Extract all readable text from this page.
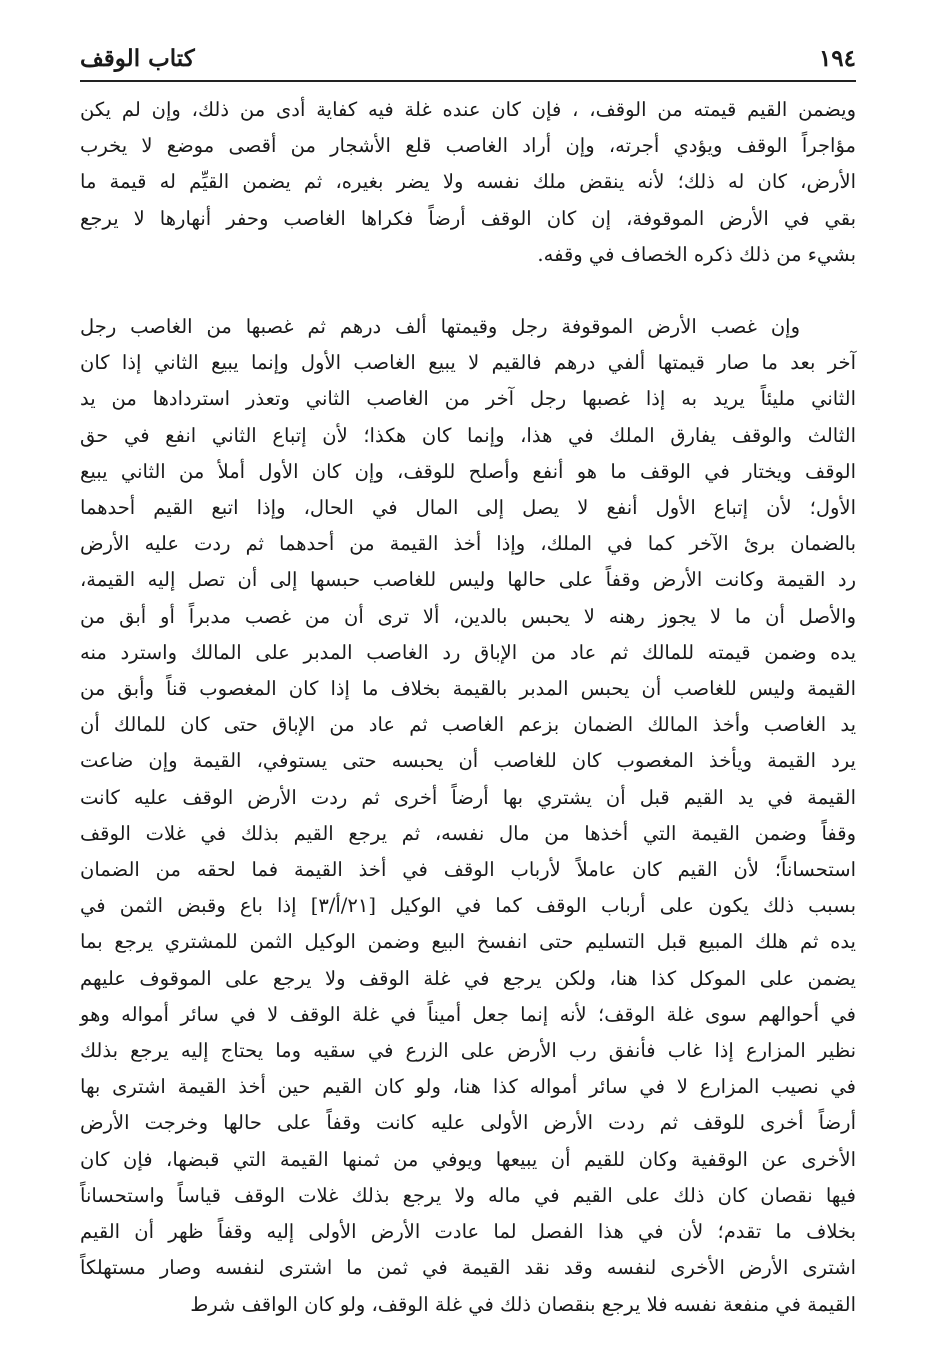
١٩٤
كتاب الوقف
ويضمن القيم قيمته من الوقف، ، فإن كان عنده غلة فيه كفاية أدى من ذلك، وإن لم يكن
مؤاجراً الوقف ويؤدي أجرته، وإن أراد الغاصب قلع الأشجار من أقصى موضع لا يخرب
الأرض، كان له ذلك؛ لأنه ينقض ملك نفسه ولا يضر بغيره، ثم يضمن القيِّم له قيمة ما
بقي في الأرض الموقوفة، إن كان الوقف أرضاً فكراها الغاصب وحفر أنهارها لا يرجع
بشيء من ذلك ذكره الخصاف في وقفه.
وإن غصب الأرض الموقوفة رجل وقيمتها ألف درهم ثم غصبها من الغاصب رجل
آخر بعد ما صار قيمتها ألفي درهم فالقيم لا يبيع الغاصب الأول وإنما يبيع الثاني إذا كان
الثاني مليئاً يريد به إذا غصبها رجل آخر من الغاصب الثاني وتعذر استردادها من يد
الثالث والوقف يفارق الملك في هذا، وإنما كان هكذا؛ لأن إتباع الثاني انفع في حق
الوقف ويختار في الوقف ما هو أنفع وأصلح للوقف، وإن كان الأول أملأ من الثاني يبيع
الأول؛ لأن إتباع الأول أنفع لا يصل إلى المال في الحال، وإذا اتبع القيم أحدهما
بالضمان برئ الآخر كما في الملك، وإذا أخذ القيمة من أحدهما ثم ردت عليه الأرض
رد القيمة وكانت الأرض وقفاً على حالها وليس للغاصب حبسها إلى أن تصل إليه القيمة،
والأصل أن ما لا يجوز رهنه لا يحبس بالدين، ألا ترى أن من غصب مدبراً أو أبق من
يده وضمن قيمته للمالك ثم عاد من الإباق رد الغاصب المدبر على المالك واسترد منه
القيمة وليس للغاصب أن يحبس المدبر بالقيمة بخلاف ما إذا كان المغصوب قناً وأبق من
يد الغاصب وأخذ المالك الضمان بزعم الغاصب ثم عاد من الإباق حتى كان للمالك أن
يرد القيمة ويأخذ المغصوب كان للغاصب أن يحبسه حتى يستوفي، القيمة وإن ضاعت
القيمة في يد القيم قبل أن يشتري بها أرضاً أخرى ثم ردت الأرض الوقف عليه كانت
وقفاً وضمن القيمة التي أخذها من مال نفسه، ثم يرجع القيم بذلك في غلات الوقف
استحساناً؛ لأن القيم كان عاملاً لأرباب الوقف في أخذ القيمة فما لحقه من الضمان
بسبب ذلك يكون على أرباب الوقف كما في الوكيل [٢١/أ/٣] إذا باع وقبض الثمن في
يده ثم هلك المبيع قبل التسليم حتى انفسخ البيع وضمن الوكيل الثمن للمشتري يرجع بما
يضمن على الموكل كذا هنا، ولكن يرجع في غلة الوقف ولا يرجع على الموقوف عليهم
في أحوالهم سوى غلة الوقف؛ لأنه إنما جعل أميناً في غلة الوقف لا في سائر أمواله وهو
نظير المزارع إذا غاب فأنفق رب الأرض على الزرع في سقيه وما يحتاج إليه يرجع بذلك
في نصيب المزارع لا في سائر أمواله كذا هنا، ولو كان القيم حين أخذ القيمة اشترى بها
أرضاً أخرى للوقف ثم ردت الأرض الأولى عليه كانت وقفاً على حالها وخرجت الأرض
الأخرى عن الوقفية وكان للقيم أن يبيعها ويوفي من ثمنها القيمة التي قبضها، فإن كان
فيها نقصان كان ذلك على القيم في ماله ولا يرجع بذلك غلات الوقف قياساً واستحساناً
بخلاف ما تقدم؛ لأن في هذا الفصل لما عادت الأرض الأولى إليه وقفاً ظهر أن القيم
اشترى الأرض الأخرى لنفسه وقد نقد القيمة في ثمن ما اشترى لنفسه وصار مستهلكاً
القيمة في منفعة نفسه فلا يرجع بنقصان ذلك في غلة الوقف، ولو كان الواقف شرط
